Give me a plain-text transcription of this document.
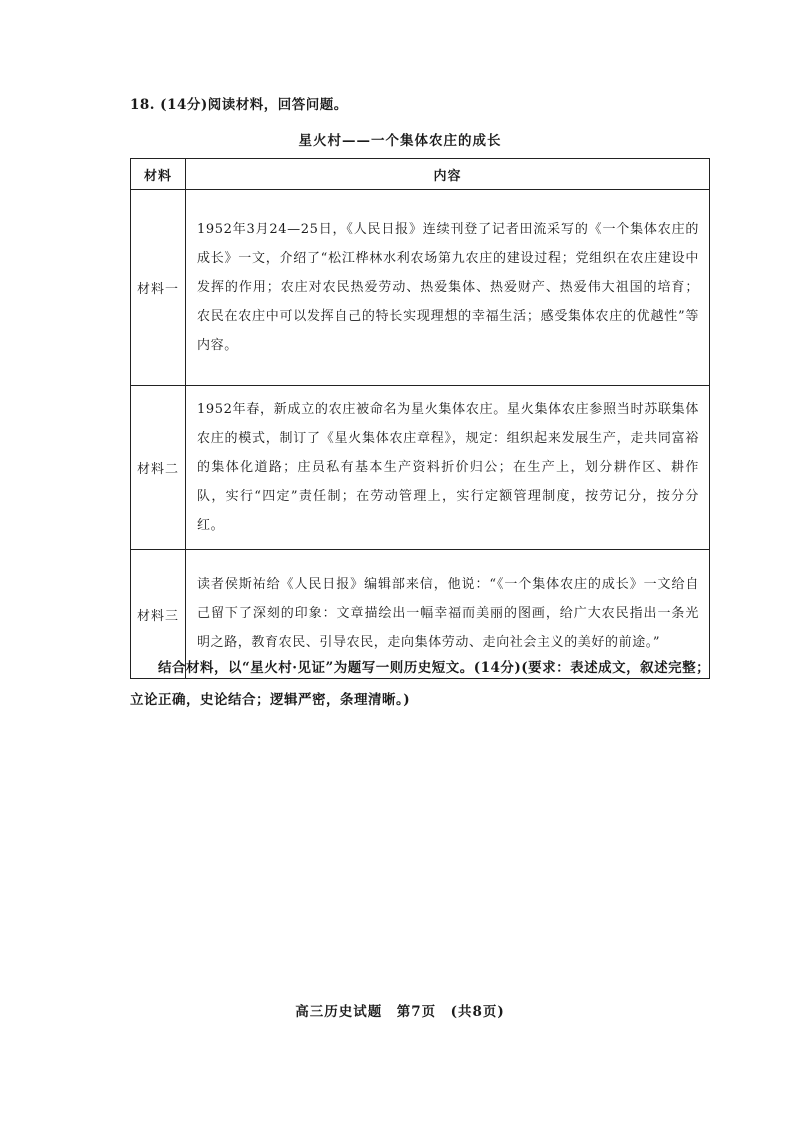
18. (14分)阅读材料，回答问题。
星火村——一个集体农庄的成长
材料	内容
材料一	1952年3月24—25日，《人民日报》连续刊登了记者田流采写的《一个集体农庄的成长》一文，介绍了“松江桦林水利农场第九农庄的建设过程；党组织在农庄建设中发挥的作用；农庄对农民热爱劳动、热爱集体、热爱财产、热爱伟大祖国的培育；农民在农庄中可以发挥自己的特长实现理想的幸福生活；感受集体农庄的优越性”等内容。
材料二	1952年春，新成立的农庄被命名为星火集体农庄。星火集体农庄参照当时苏联集体农庄的模式，制订了《星火集体农庄章程》，规定：组织起来发展生产，走共同富裕的集体化道路；庄员私有基本生产资料折价归公；在生产上，划分耕作区、耕作队，实行“四定”责任制；在劳动管理上，实行定额管理制度，按劳记分，按分分红。
材料三	读者侯斯祐给《人民日报》编辑部来信，他说：“《一个集体农庄的成长》一文给自己留下了深刻的印象：文章描绘出一幅幸福而美丽的图画，给广大农民指出一条光明之路，教育农民、引导农民，走向集体劳动、走向社会主义的美好的前途。”
结合材料，以“星火村·见证”为题写一则历史短文。(14分)(要求：表述成文，叙述完整；立论正确，史论结合；逻辑严密，条理清晰。)
高三历史试题　第7页　(共8页)
